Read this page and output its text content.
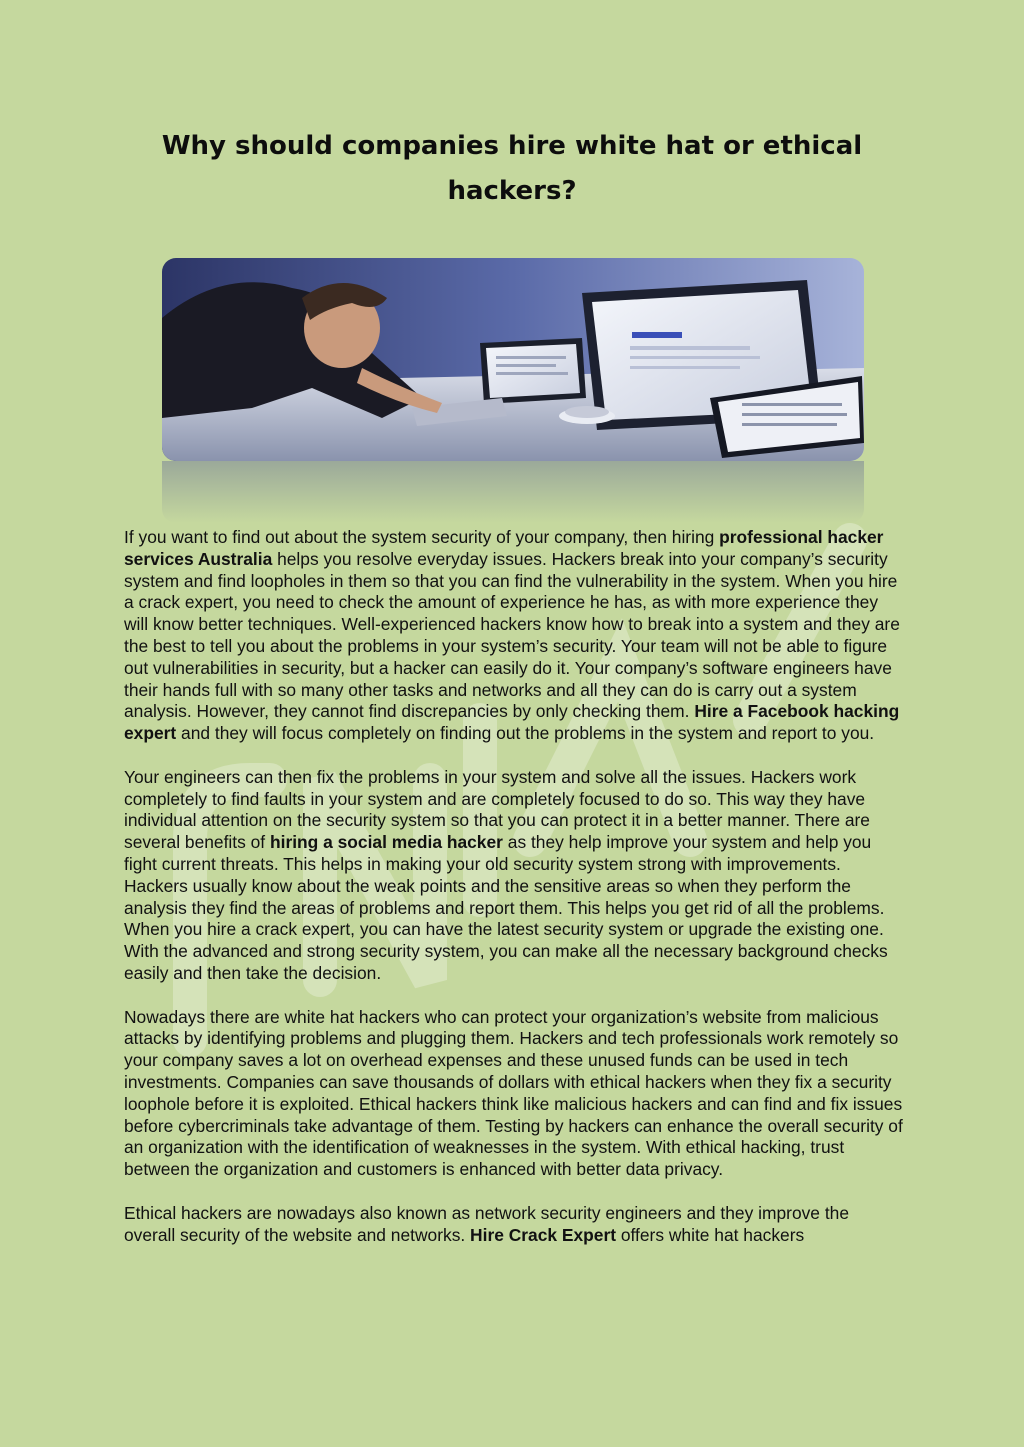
Why should companies hire white hat or ethical hackers?

If you want to find out about the system security of your company, then hiring professional hacker services Australia helps you resolve everyday issues. Hackers break into your company’s security system and find loopholes in them so that you can find the vulnerability in the system. When you hire a crack expert, you need to check the amount of experience he has, as with more experience they will know better techniques. Well-experienced hackers know how to break into a system and they are the best to tell you about the problems in your system’s security. Your team will not be able to figure out vulnerabilities in security, but a hacker can easily do it. Your company’s software engineers have their hands full with so many other tasks and networks and all they can do is carry out a system analysis. However, they cannot find discrepancies by only checking them. Hire a Facebook hacking expert and they will focus completely on finding out the problems in the system and report to you.

Your engineers can then fix the problems in your system and solve all the issues. Hackers work completely to find faults in your system and are completely focused to do so. This way they have individual attention on the security system so that you can protect it in a better manner. There are several benefits of hiring a social media hacker as they help improve your system and help you fight current threats. This helps in making your old security system strong with improvements. Hackers usually know about the weak points and the sensitive areas so when they perform the analysis they find the areas of problems and report them. This helps you get rid of all the problems. When you hire a crack expert, you can have the latest security system or upgrade the existing one. With the advanced and strong security system, you can make all the necessary background checks easily and then take the decision.

Nowadays there are white hat hackers who can protect your organization’s website from malicious attacks by identifying problems and plugging them. Hackers and tech professionals work remotely so your company saves a lot on overhead expenses and these unused funds can be used in tech investments. Companies can save thousands of dollars with ethical hackers when they fix a security loophole before it is exploited. Ethical hackers think like malicious hackers and can find and fix issues before cybercriminals take advantage of them. Testing by hackers can enhance the overall security of an organization with the identification of weaknesses in the system. With ethical hacking, trust between the organization and customers is enhanced with better data privacy.

Ethical hackers are nowadays also known as network security engineers and they improve the overall security of the website and networks. Hire Crack Expert offers white hat hackers
